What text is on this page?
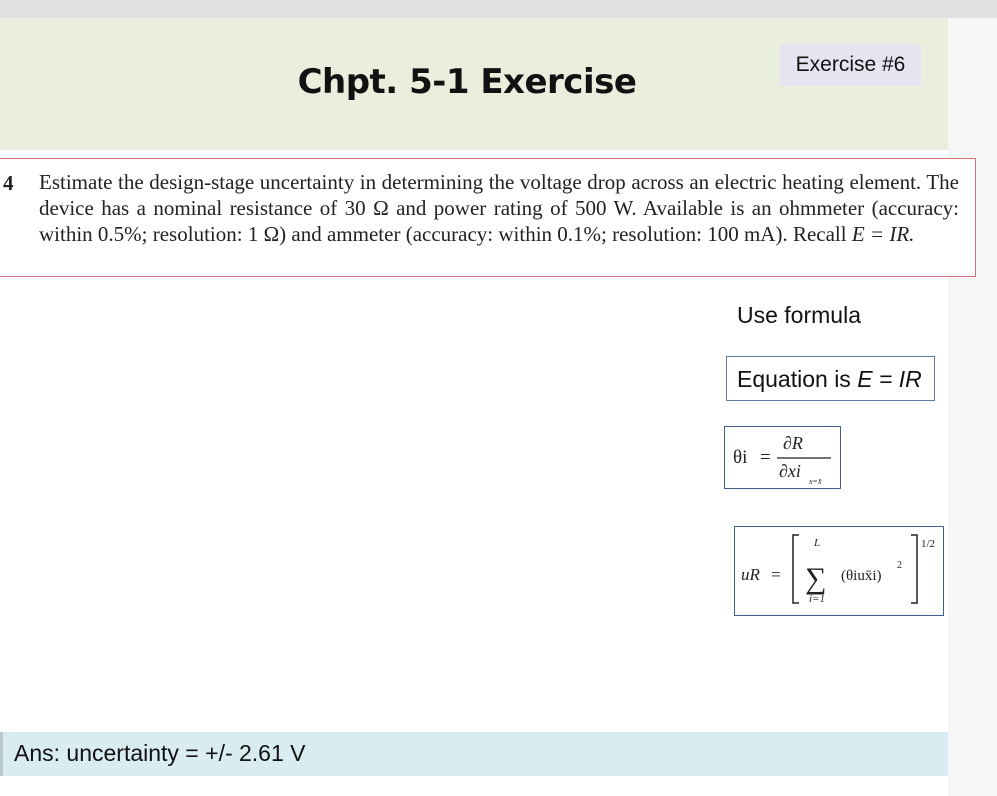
Chpt. 5-1 Exercise	Exercise #6
4 Estimate the design-stage uncertainty in determining the voltage drop across an electric heating element. The device has a nominal resistance of 30 Ω and power rating of 500 W. Available is an ohmmeter (accuracy: within 0.5%; resolution: 1 Ω) and ammeter (accuracy: within 0.1%; resolution: 100 mA). Recall E = IR.
Use formula
Equation is E = IR
θi =
∂R
∂xi
x=x̄
uR = ∑
L
i=1
(θiux̄i)
2
1/2
Ans: uncertainty = +/- 2.61 V
